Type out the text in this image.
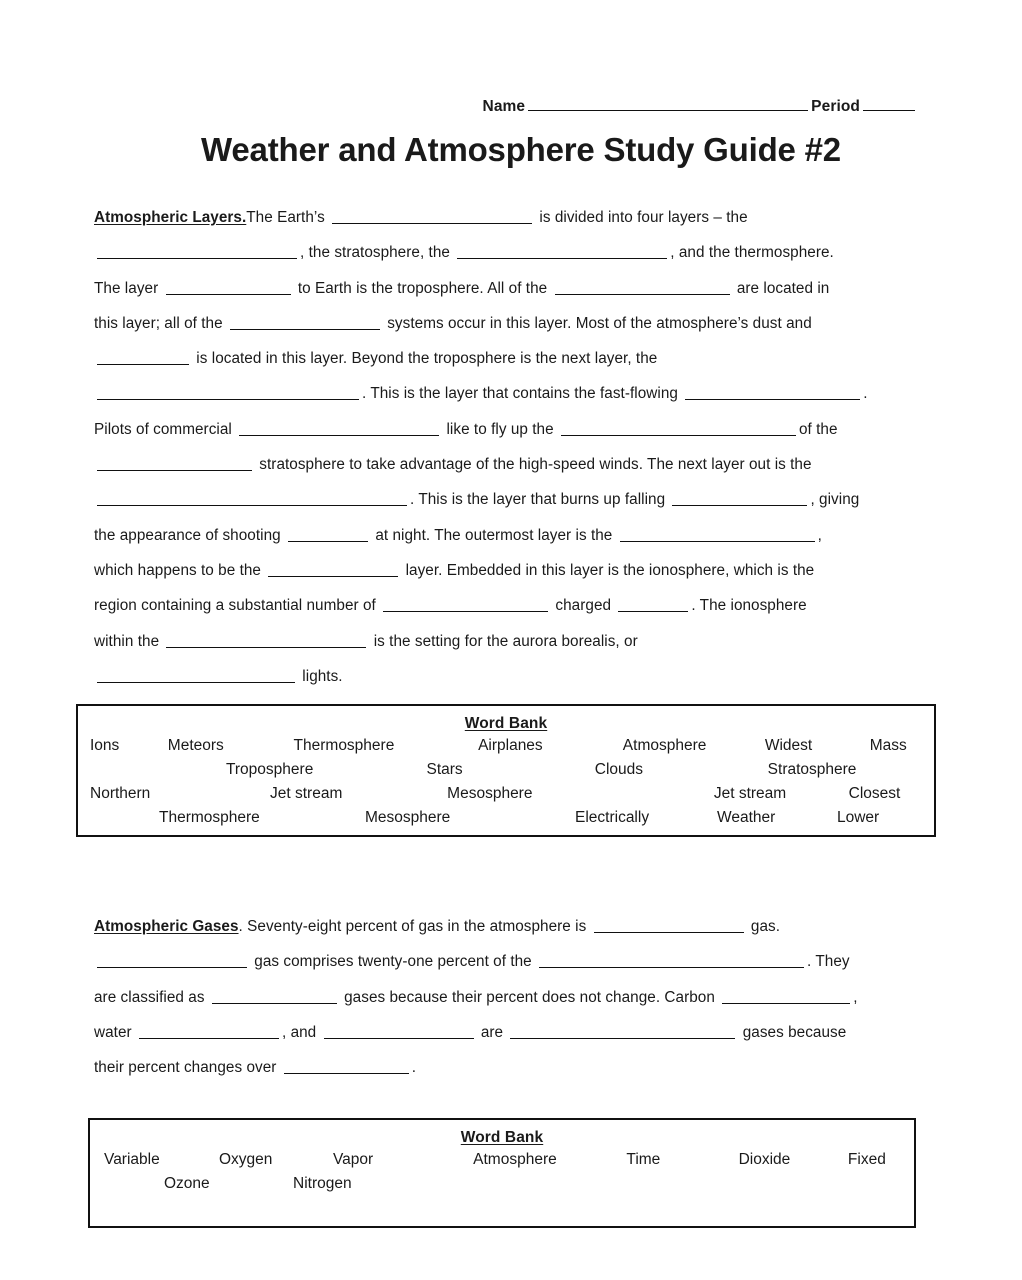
Name	Period
Weather and Atmosphere Study Guide #2
Atmospheric Layers.The Earth’s	is divided into four layers – the
, the stratosphere, the	, and the thermosphere.
The layer	to Earth is the troposphere. All of the	are located in
this layer; all of the	systems occur in this layer. Most of the atmosphere’s dust and
is located in this layer. Beyond the troposphere is the next layer, the
. This is the layer that contains the fast-flowing	.
Pilots of commercial	like to fly up the	of the
stratosphere to take advantage of the high-speed winds. The next layer out is the
. This is the layer that burns up falling	, giving
the appearance of shooting	at night. The outermost layer is the	,
which happens to be the	layer. Embedded in this layer is the ionosphere, which is the
region containing a substantial number of	charged	. The ionosphere
within the	is the setting for the aurora borealis, or
lights.
Word Bank
Ions	Meteors	Thermosphere	Airplanes	Atmosphere	Widest	Mass
Troposphere	Stars	Clouds	Stratosphere
Northern	Jet stream	Mesosphere	Jet stream	Closest
Thermosphere	Mesosphere	Electrically	Weather	Lower
Atmospheric Gases. Seventy-eight percent of gas in the atmosphere is	gas.
gas comprises twenty-one percent of the	. They
are classified as	gases because their percent does not change. Carbon	,
water	, and	are	gases because
their percent changes over	.
Word Bank
Variable	Oxygen	Vapor	Atmosphere	Time	Dioxide	Fixed
Ozone	Nitrogen
